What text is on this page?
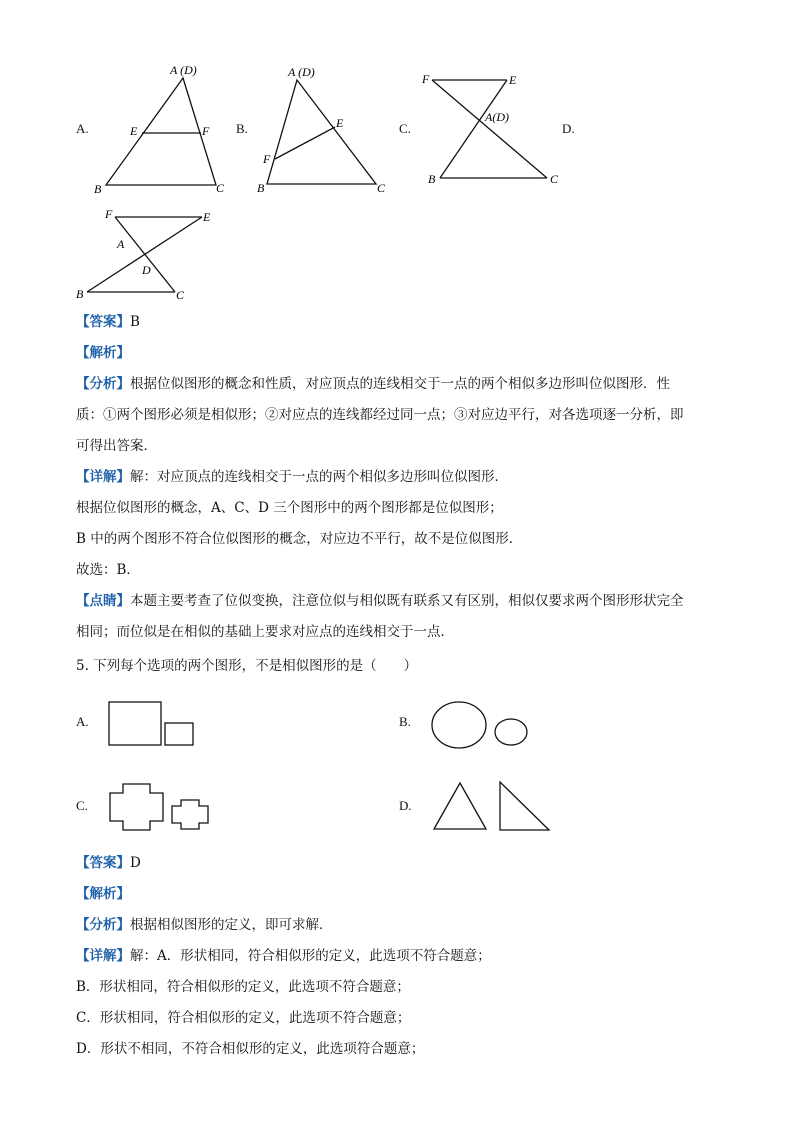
A.	B.	C.	D.
A (D)
E	F
B	C
A (D)
E
F
B	C
F	E
A(D)
B	C
F	E
A
D
B	C
【答案】B
【解析】
【分析】根据位似图形的概念和性质，对应顶点的连线相交于一点的两个相似多边形叫位似图形．性
质：①两个图形必须是相似形；②对应点的连线都经过同一点；③对应边平行，对各选项逐一分析，即
可得出答案．
【详解】解：对应顶点的连线相交于一点的两个相似多边形叫位似图形．
根据位似图形的概念，A、C、D 三个图形中的两个图形都是位似图形；
B 中的两个图形不符合位似图形的概念，对应边不平行，故不是位似图形．
故选：B．
【点睛】本题主要考查了位似变换，注意位似与相似既有联系又有区别，相似仅要求两个图形形状完全
相同；而位似是在相似的基础上要求对应点的连线相交于一点．
5. 下列每个选项的两个图形，不是相似图形的是（　　）
A.	B.
C.	D.
【答案】D
【解析】
【分析】根据相似图形的定义，即可求解．
【详解】解：A．形状相同，符合相似形的定义，此选项不符合题意；
B．形状相同，符合相似形的定义，此选项不符合题意；
C．形状相同，符合相似形的定义，此选项不符合题意；
D．形状不相同，不符合相似形的定义，此选项符合题意；
